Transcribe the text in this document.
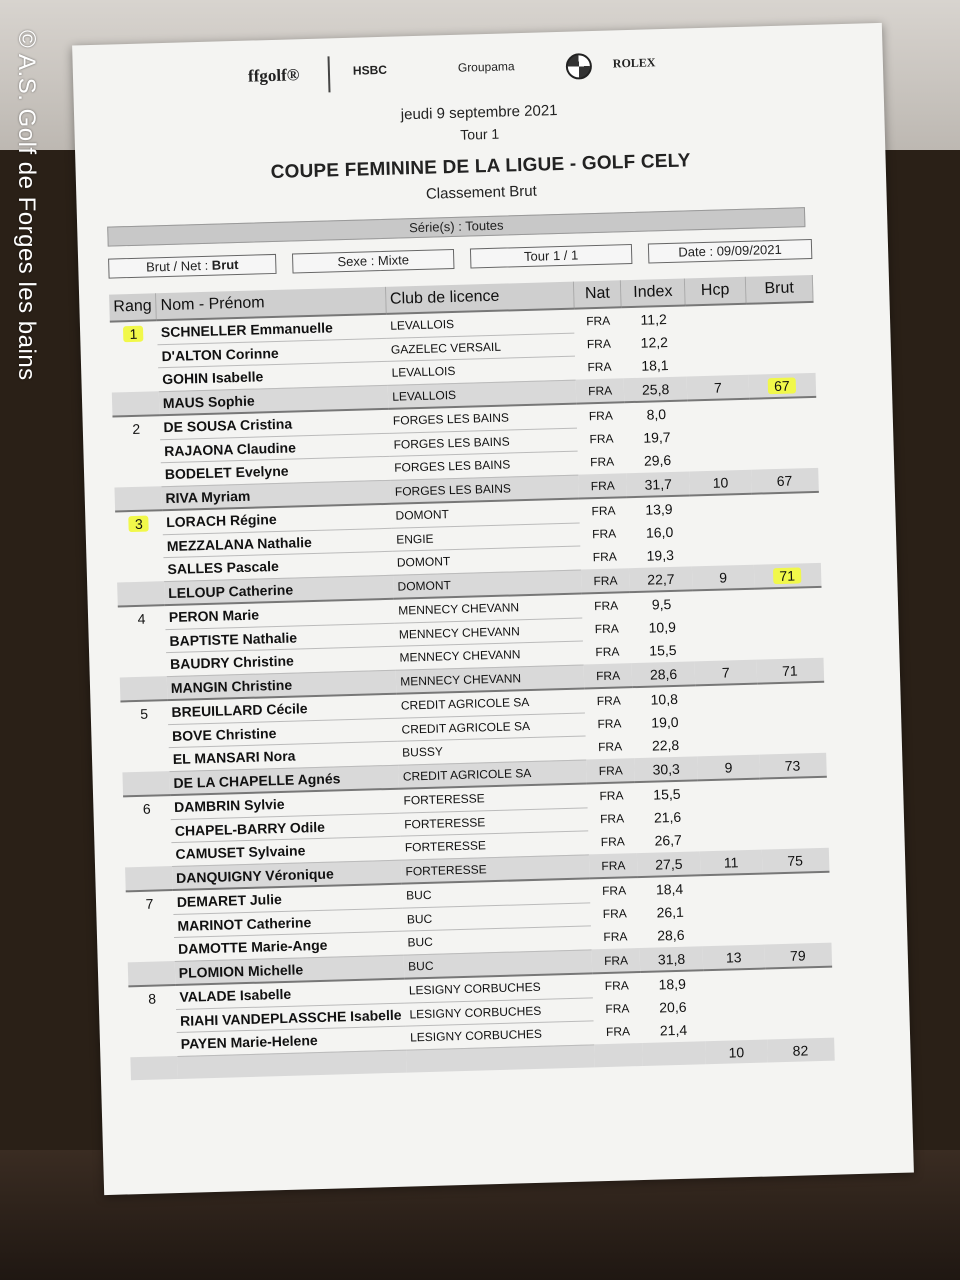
ffgolf®	HSBC	Groupama	ROLEX
jeudi 9 septembre 2021
Tour 1
COUPE FEMININE DE LA LIGUE - GOLF CELY
Classement Brut
Série(s) : Toutes
Brut / Net : Brut	Sexe : Mixte	Tour 1 / 1	Date : 09/09/2021
Rang	Nom - Prénom	Club de licence	Nat	Index	Hcp	Brut
1	SCHNELLER Emmanuelle	LEVALLOIS	FRA	11,2		
	D'ALTON Corinne	GAZELEC VERSAIL	FRA	12,2		
	GOHIN Isabelle	LEVALLOIS	FRA	18,1		
	MAUS Sophie	LEVALLOIS	FRA	25,8	7	67
2	DE SOUSA Cristina	FORGES LES BAINS	FRA	8,0		
	RAJAONA Claudine	FORGES LES BAINS	FRA	19,7		
	BODELET Evelyne	FORGES LES BAINS	FRA	29,6		
	RIVA Myriam	FORGES LES BAINS	FRA	31,7	10	67
3	LORACH Régine	DOMONT	FRA	13,9		
	MEZZALANA Nathalie	ENGIE	FRA	16,0		
	SALLES Pascale	DOMONT	FRA	19,3		
	LELOUP Catherine	DOMONT	FRA	22,7	9	71
4	PERON Marie	MENNECY CHEVANN	FRA	9,5		
	BAPTISTE Nathalie	MENNECY CHEVANN	FRA	10,9		
	BAUDRY Christine	MENNECY CHEVANN	FRA	15,5		
	MANGIN Christine	MENNECY CHEVANN	FRA	28,6	7	71
5	BREUILLARD Cécile	CREDIT AGRICOLE SA	FRA	10,8		
	BOVE Christine	CREDIT AGRICOLE SA	FRA	19,0		
	EL MANSARI Nora	BUSSY	FRA	22,8		
	DE LA CHAPELLE Agnés	CREDIT AGRICOLE SA	FRA	30,3	9	73
6	DAMBRIN Sylvie	FORTERESSE	FRA	15,5		
	CHAPEL-BARRY Odile	FORTERESSE	FRA	21,6		
	CAMUSET Sylvaine	FORTERESSE	FRA	26,7		
	DANQUIGNY Véronique	FORTERESSE	FRA	27,5	11	75
7	DEMARET Julie	BUC	FRA	18,4		
	MARINOT Catherine	BUC	FRA	26,1		
	DAMOTTE Marie-Ange	BUC	FRA	28,6		
	PLOMION Michelle	BUC	FRA	31,8	13	79
8	VALADE Isabelle	LESIGNY CORBUCHES	FRA	18,9		
	RIAHI VANDEPLASSCHE Isabelle	LESIGNY CORBUCHES	FRA	20,6		
	PAYEN Marie-Helene	LESIGNY CORBUCHES	FRA	21,4		
					10	82
© A.S. Golf de Forges les bains
